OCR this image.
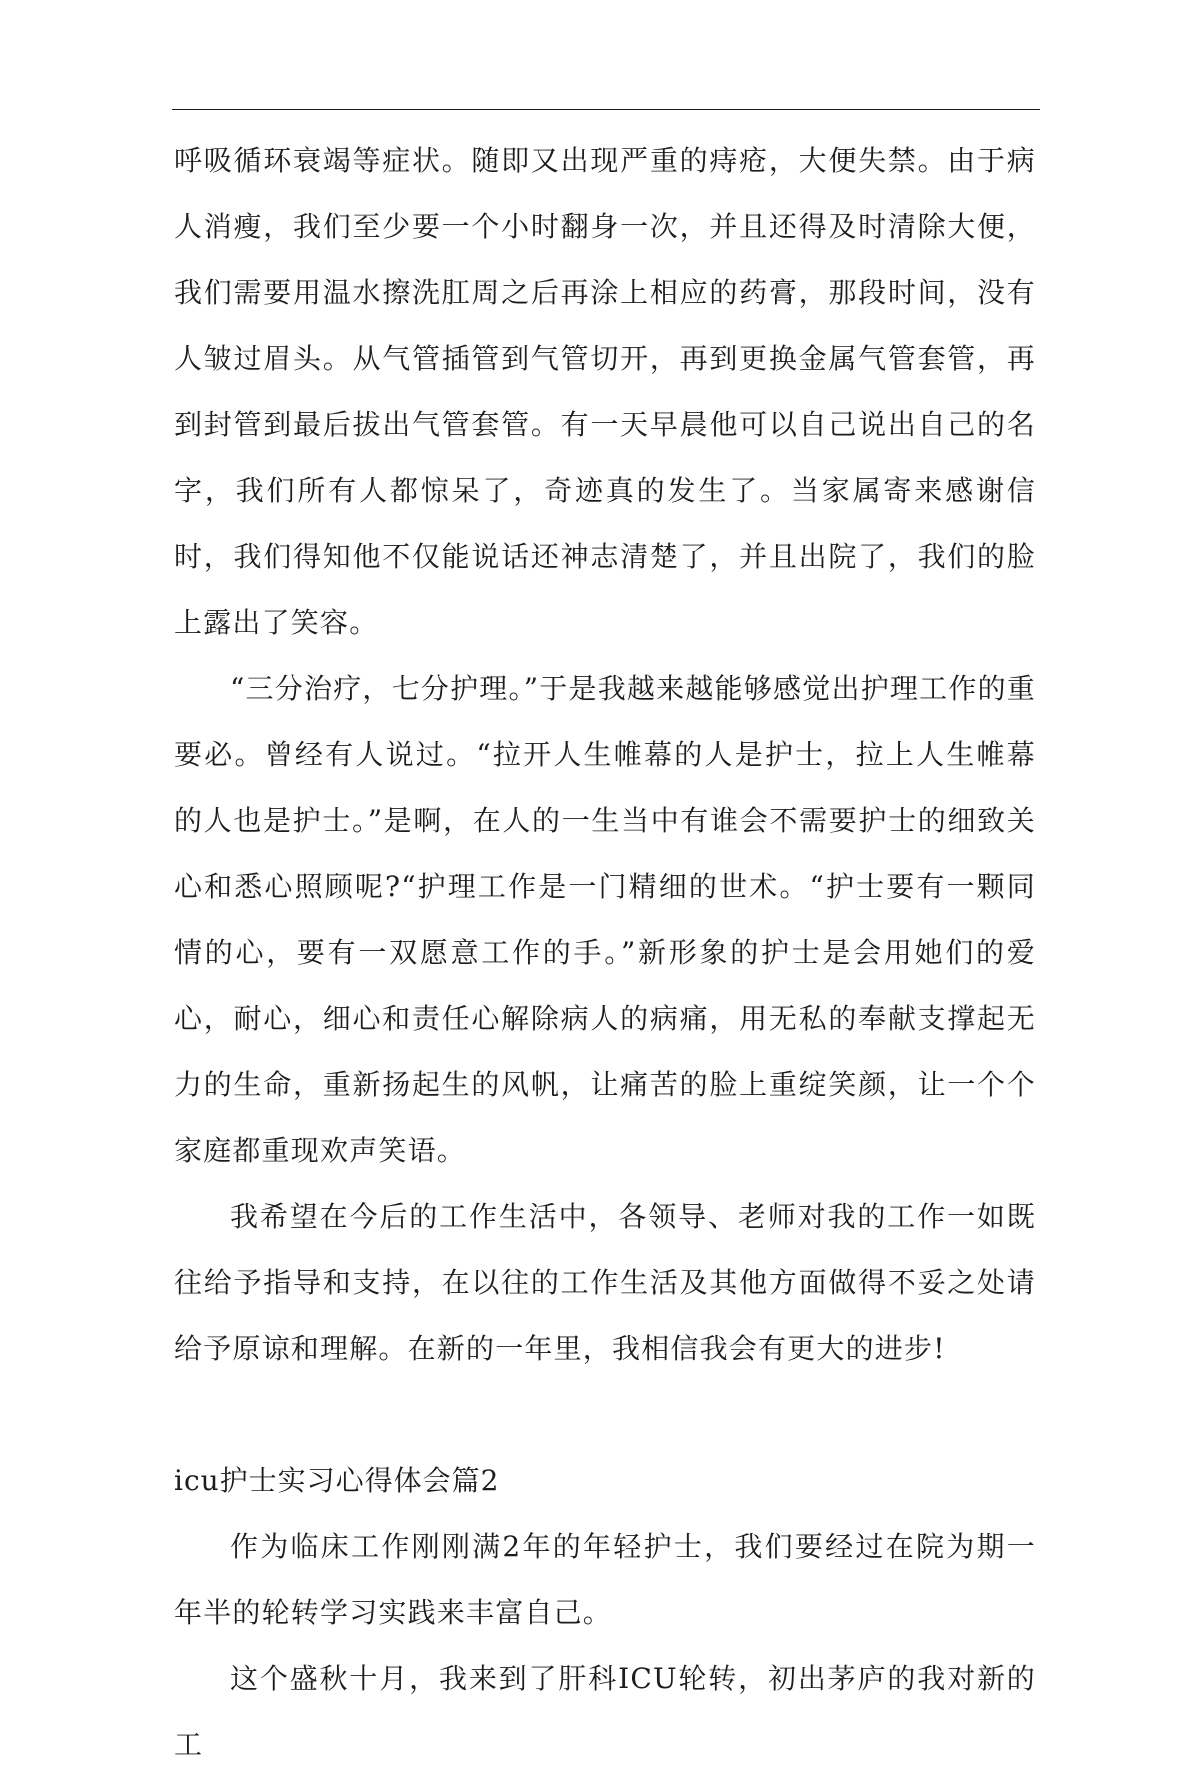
呼吸循环衰竭等症状。随即又出现严重的痔疮，大便失禁。由于病人消瘦，我们至少要一个小时翻身一次，并且还得及时清除大便，我们需要用温水擦洗肛周之后再涂上相应的药膏，那段时间，没有人皱过眉头。从气管插管到气管切开，再到更换金属气管套管，再到封管到最后拔出气管套管。有一天早晨他可以自己说出自己的名字，我们所有人都惊呆了，奇迹真的发生了。当家属寄来感谢信时，我们得知他不仅能说话还神志清楚了，并且出院了，我们的脸上露出了笑容。

“三分治疗，七分护理。”于是我越来越能够感觉出护理工作的重要必。曾经有人说过。“拉开人生帷幕的人是护士，拉上人生帷幕的人也是护士。”是啊，在人的一生当中有谁会不需要护士的细致关心和悉心照顾呢?“护理工作是一门精细的世术。“护士要有一颗同情的心，要有一双愿意工作的手。”新形象的护士是会用她们的爱心，耐心，细心和责任心解除病人的病痛，用无私的奉献支撑起无力的生命，重新扬起生的风帆，让痛苦的脸上重绽笑颜，让一个个家庭都重现欢声笑语。

我希望在今后的工作生活中，各领导、老师对我的工作一如既往给予指导和支持，在以往的工作生活及其他方面做得不妥之处请给予原谅和理解。在新的一年里，我相信我会有更大的进步!

icu护士实习心得体会篇2

作为临床工作刚刚满2年的年轻护士，我们要经过在院为期一年半的轮转学习实践来丰富自己。

这个盛秋十月，我来到了肝科ICU轮转，初出茅庐的我对新的工
